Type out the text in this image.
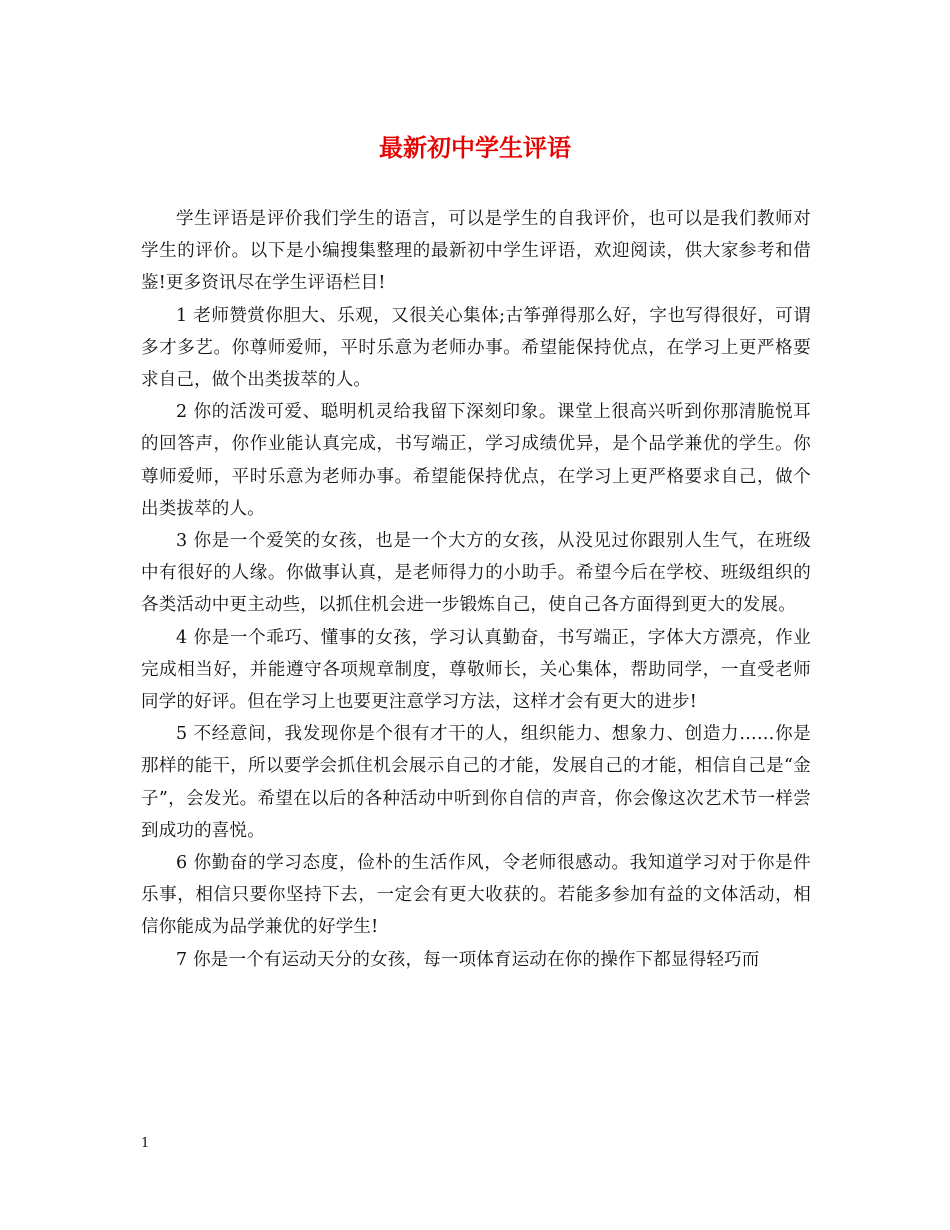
最新初中学生评语

学生评语是评价我们学生的语言，可以是学生的自我评价，也可以是我们教师对学生的评价。以下是小编搜集整理的最新初中学生评语，欢迎阅读，供大家参考和借鉴!更多资讯尽在学生评语栏目!

1 老师赞赏你胆大、乐观，又很关心集体;古筝弹得那么好，字也写得很好，可谓多才多艺。你尊师爱师，平时乐意为老师办事。希望能保持优点，在学习上更严格要求自己，做个出类拔萃的人。

2 你的活泼可爱、聪明机灵给我留下深刻印象。课堂上很高兴听到你那清脆悦耳的回答声，你作业能认真完成，书写端正，学习成绩优异，是个品学兼优的学生。你尊师爱师，平时乐意为老师办事。希望能保持优点，在学习上更严格要求自己，做个出类拔萃的人。

3 你是一个爱笑的女孩，也是一个大方的女孩，从没见过你跟别人生气，在班级中有很好的人缘。你做事认真，是老师得力的小助手。希望今后在学校、班级组织的各类活动中更主动些，以抓住机会进一步锻炼自己，使自己各方面得到更大的发展。

4 你是一个乖巧、懂事的女孩，学习认真勤奋，书写端正，字体大方漂亮，作业完成相当好，并能遵守各项规章制度，尊敬师长，关心集体，帮助同学，一直受老师同学的好评。但在学习上也要更注意学习方法，这样才会有更大的进步!

5 不经意间，我发现你是个很有才干的人，组织能力、想象力、创造力……你是那样的能干，所以要学会抓住机会展示自己的才能，发展自己的才能，相信自己是“金子”，会发光。希望在以后的各种活动中听到你自信的声音，你会像这次艺术节一样尝到成功的喜悦。

6 你勤奋的学习态度，俭朴的生活作风，令老师很感动。我知道学习对于你是件乐事，相信只要你坚持下去，一定会有更大收获的。若能多参加有益的文体活动，相信你能成为品学兼优的好学生!

7 你是一个有运动天分的女孩，每一项体育运动在你的操作下都显得轻巧而

1
